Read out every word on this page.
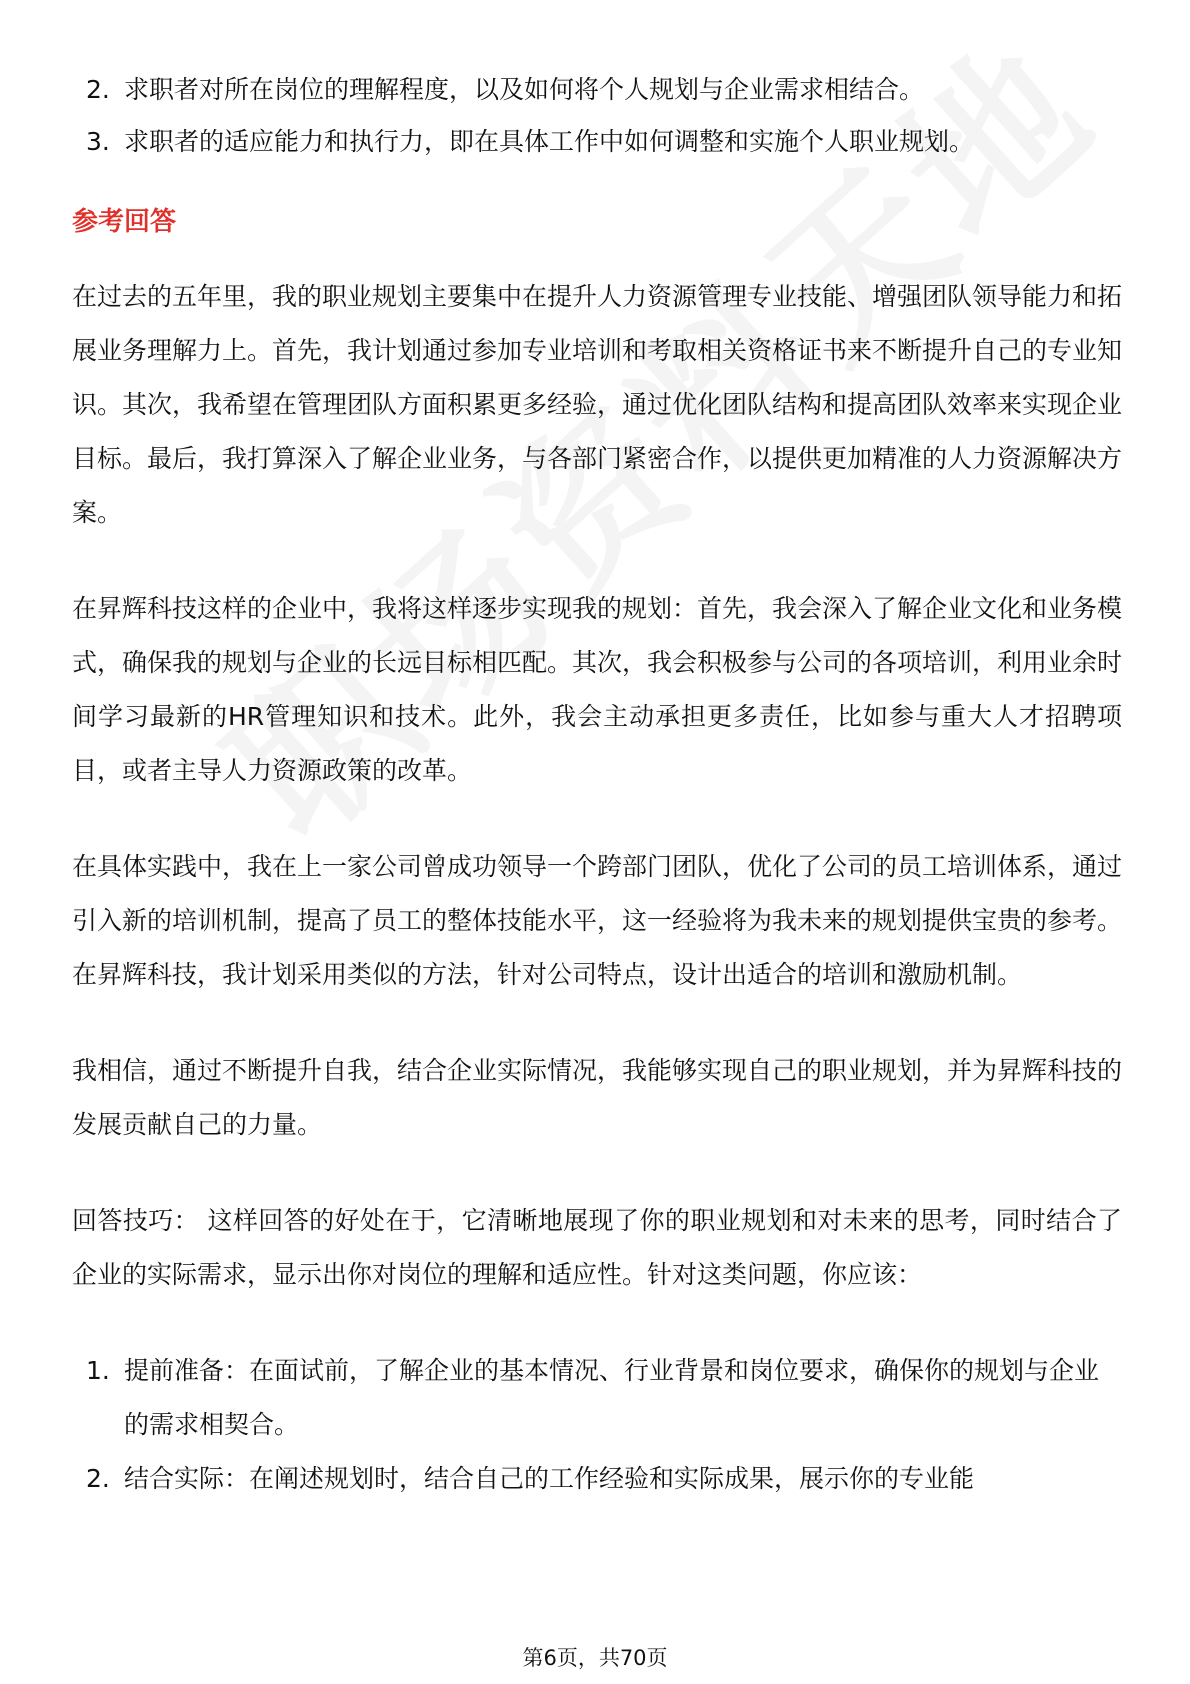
2. 求职者对所在岗位的理解程度，以及如何将个人规划与企业需求相结合。
3. 求职者的适应能力和执行力，即在具体工作中如何调整和实施个人职业规划。
参考回答

在过去的五年里，我的职业规划主要集中在提升人力资源管理专业技能、增强团队领导能力和拓展业务理解力上。首先，我计划通过参加专业培训和考取相关资格证书来不断提升自己的专业知识。其次，我希望在管理团队方面积累更多经验，通过优化团队结构和提高团队效率来实现企业目标。最后，我打算深入了解企业业务，与各部门紧密合作，以提供更加精准的人力资源解决方案。

在昇辉科技这样的企业中，我将这样逐步实现我的规划：首先，我会深入了解企业文化和业务模式，确保我的规划与企业的长远目标相匹配。其次，我会积极参与公司的各项培训，利用业余时间学习最新的HR管理知识和技术。此外，我会主动承担更多责任，比如参与重大人才招聘项目，或者主导人力资源政策的改革。

在具体实践中，我在上一家公司曾成功领导一个跨部门团队，优化了公司的员工培训体系，通过引入新的培训机制，提高了员工的整体技能水平，这一经验将为我未来的规划提供宝贵的参考。在昇辉科技，我计划采用类似的方法，针对公司特点，设计出适合的培训和激励机制。

我相信，通过不断提升自我，结合企业实际情况，我能够实现自己的职业规划，并为昇辉科技的发展贡献自己的力量。

回答技巧： 这样回答的好处在于，它清晰地展现了你的职业规划和对未来的思考，同时结合了企业的实际需求，显示出你对岗位的理解和适应性。针对这类问题，你应该：

1. 提前准备：在面试前，了解企业的基本情况、行业背景和岗位要求，确保你的规划与企业的需求相契合。
2. 结合实际：在阐述规划时，结合自己的工作经验和实际成果，展示你的专业能
第6页，共70页
